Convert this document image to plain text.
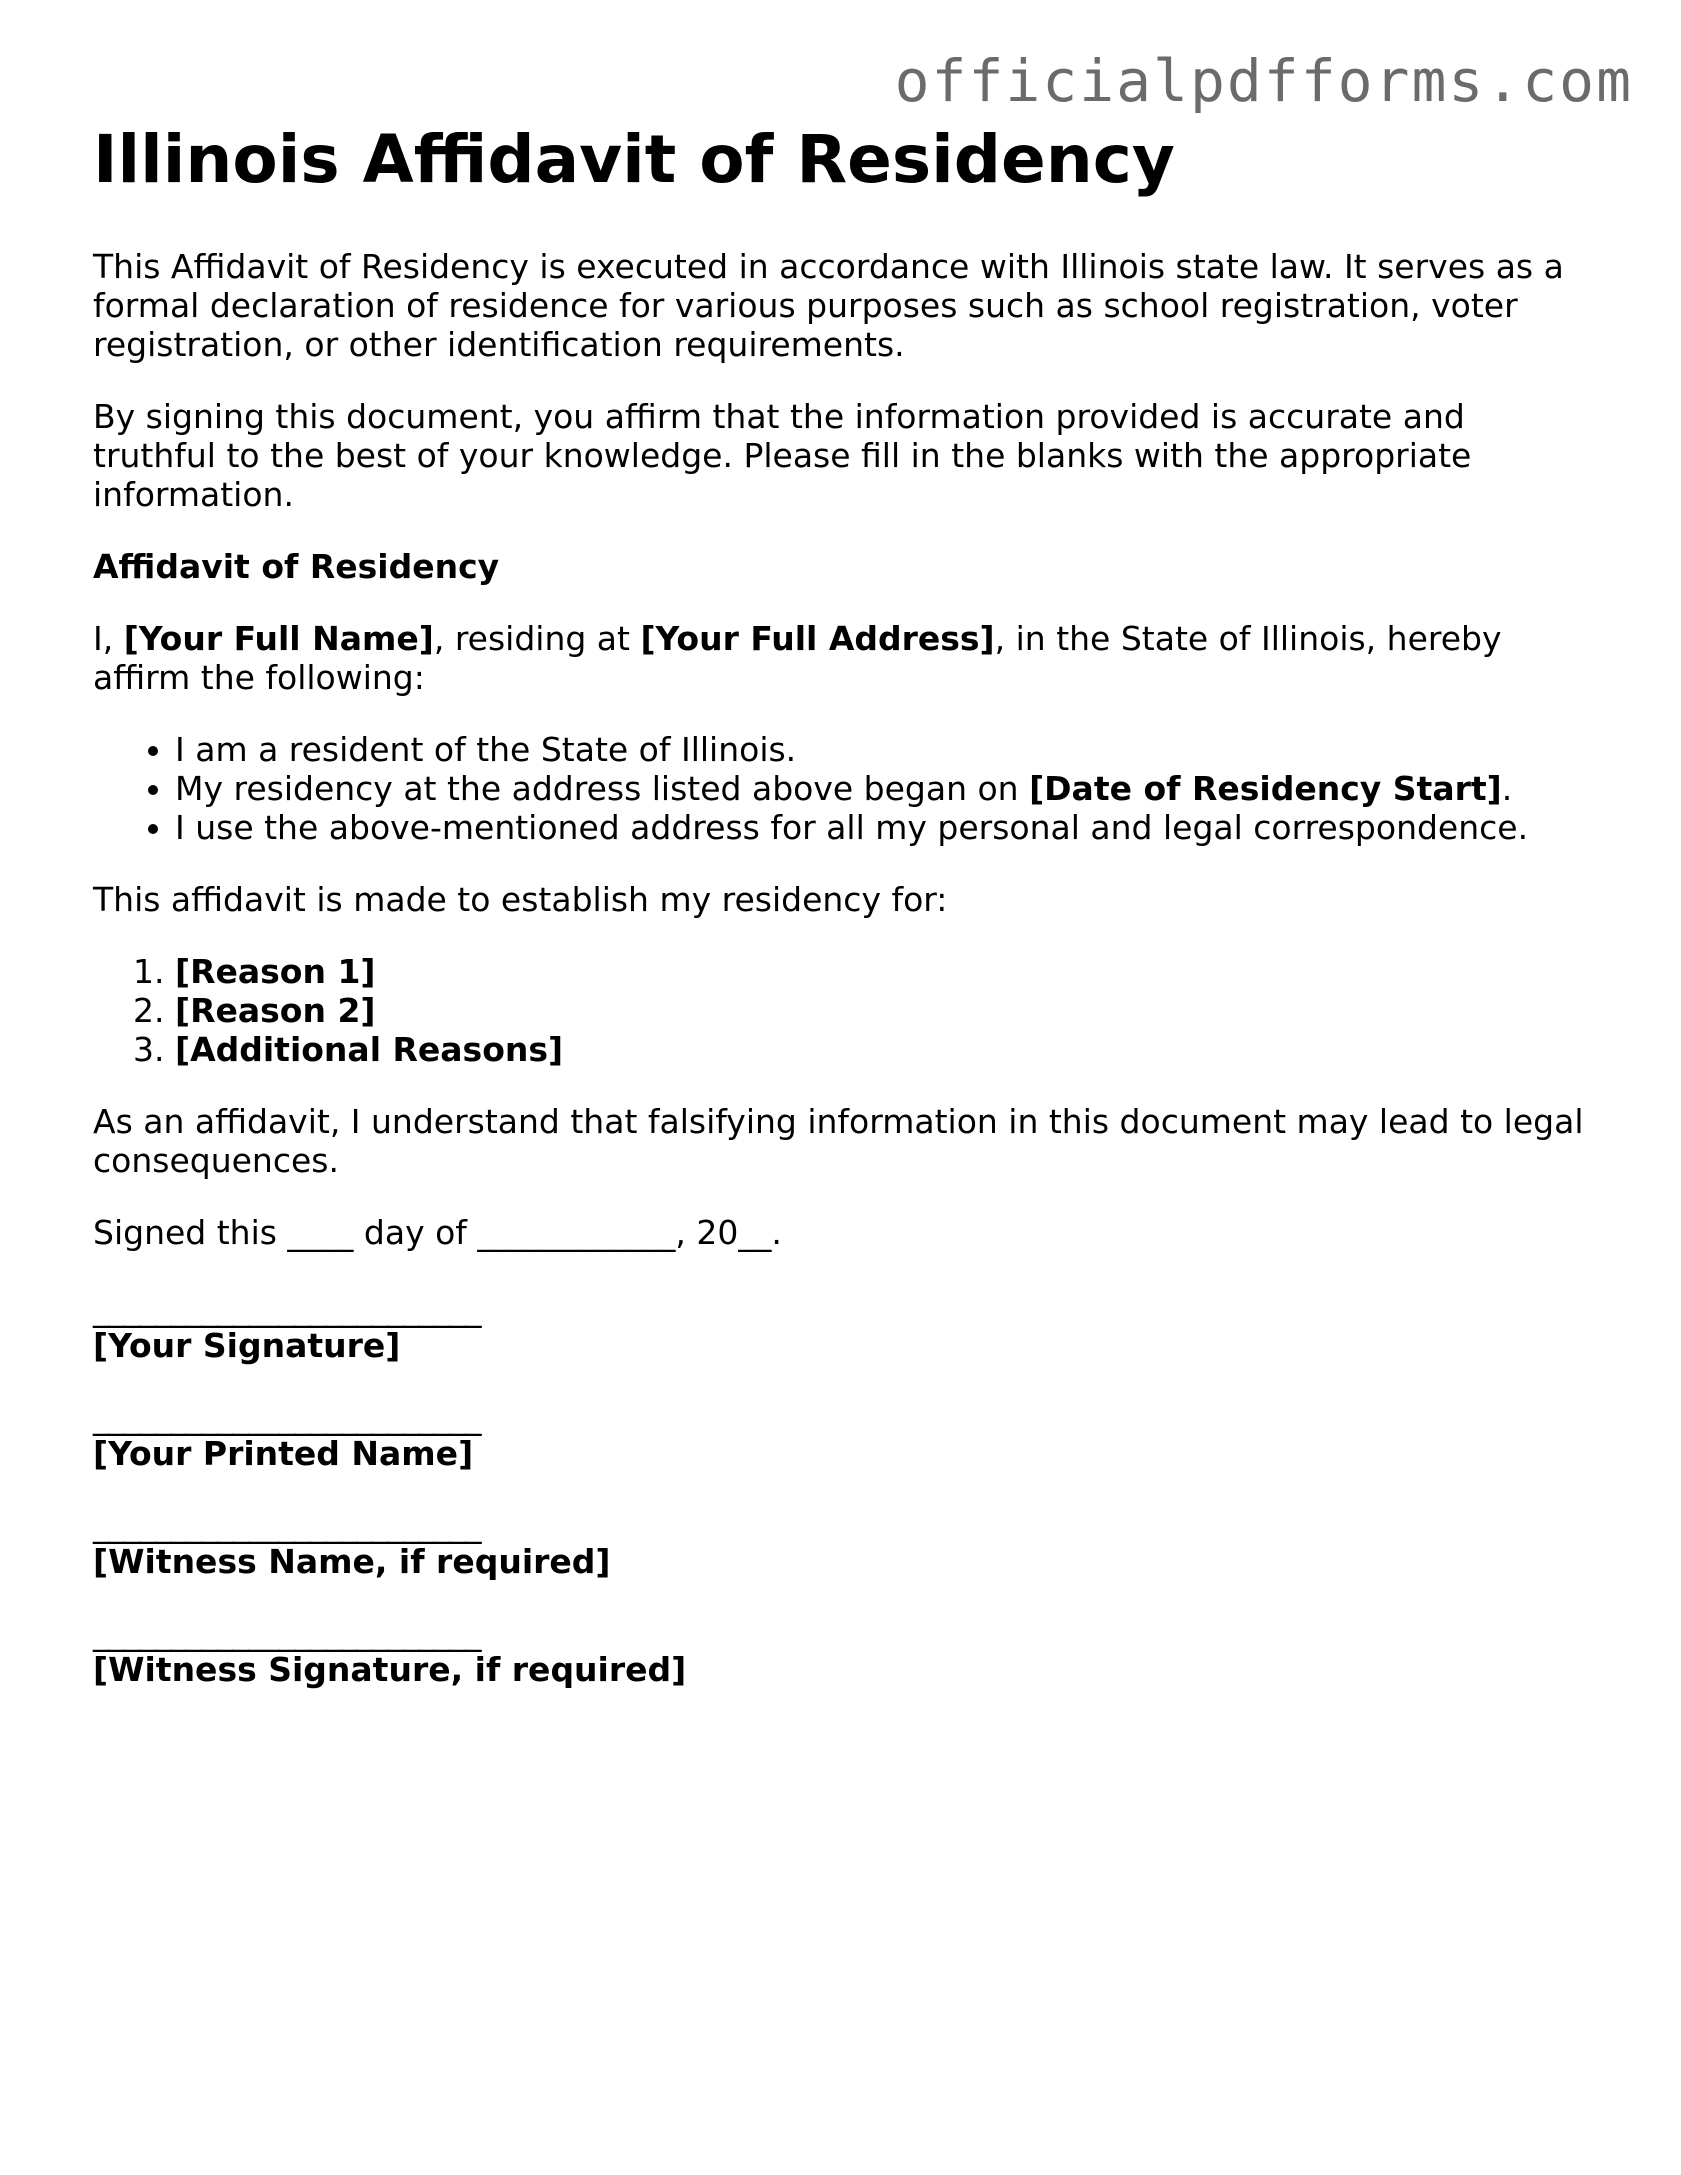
officialpdfforms.com
Illinois Affidavit of Residency

This Affidavit of Residency is executed in accordance with Illinois state law. It serves as a formal declaration of residence for various purposes such as school registration, voter registration, or other identification requirements.

By signing this document, you affirm that the information provided is accurate and truthful to the best of your knowledge. Please fill in the blanks with the appropriate information.

Affidavit of Residency

I, [Your Full Name], residing at [Your Full Address], in the State of Illinois, hereby affirm the following:

• I am a resident of the State of Illinois.
• My residency at the address listed above began on [Date of Residency Start].
• I use the above-mentioned address for all my personal and legal correspondence.

This affidavit is made to establish my residency for:

1. [Reason 1]
2. [Reason 2]
3. [Additional Reasons]

As an affidavit, I understand that falsifying information in this document may lead to legal consequences.

Signed this ____ day of ____________, 20__.

_________________________
[Your Signature]
_________________________
[Your Printed Name]
_________________________
[Witness Name, if required]
_________________________
[Witness Signature, if required]
